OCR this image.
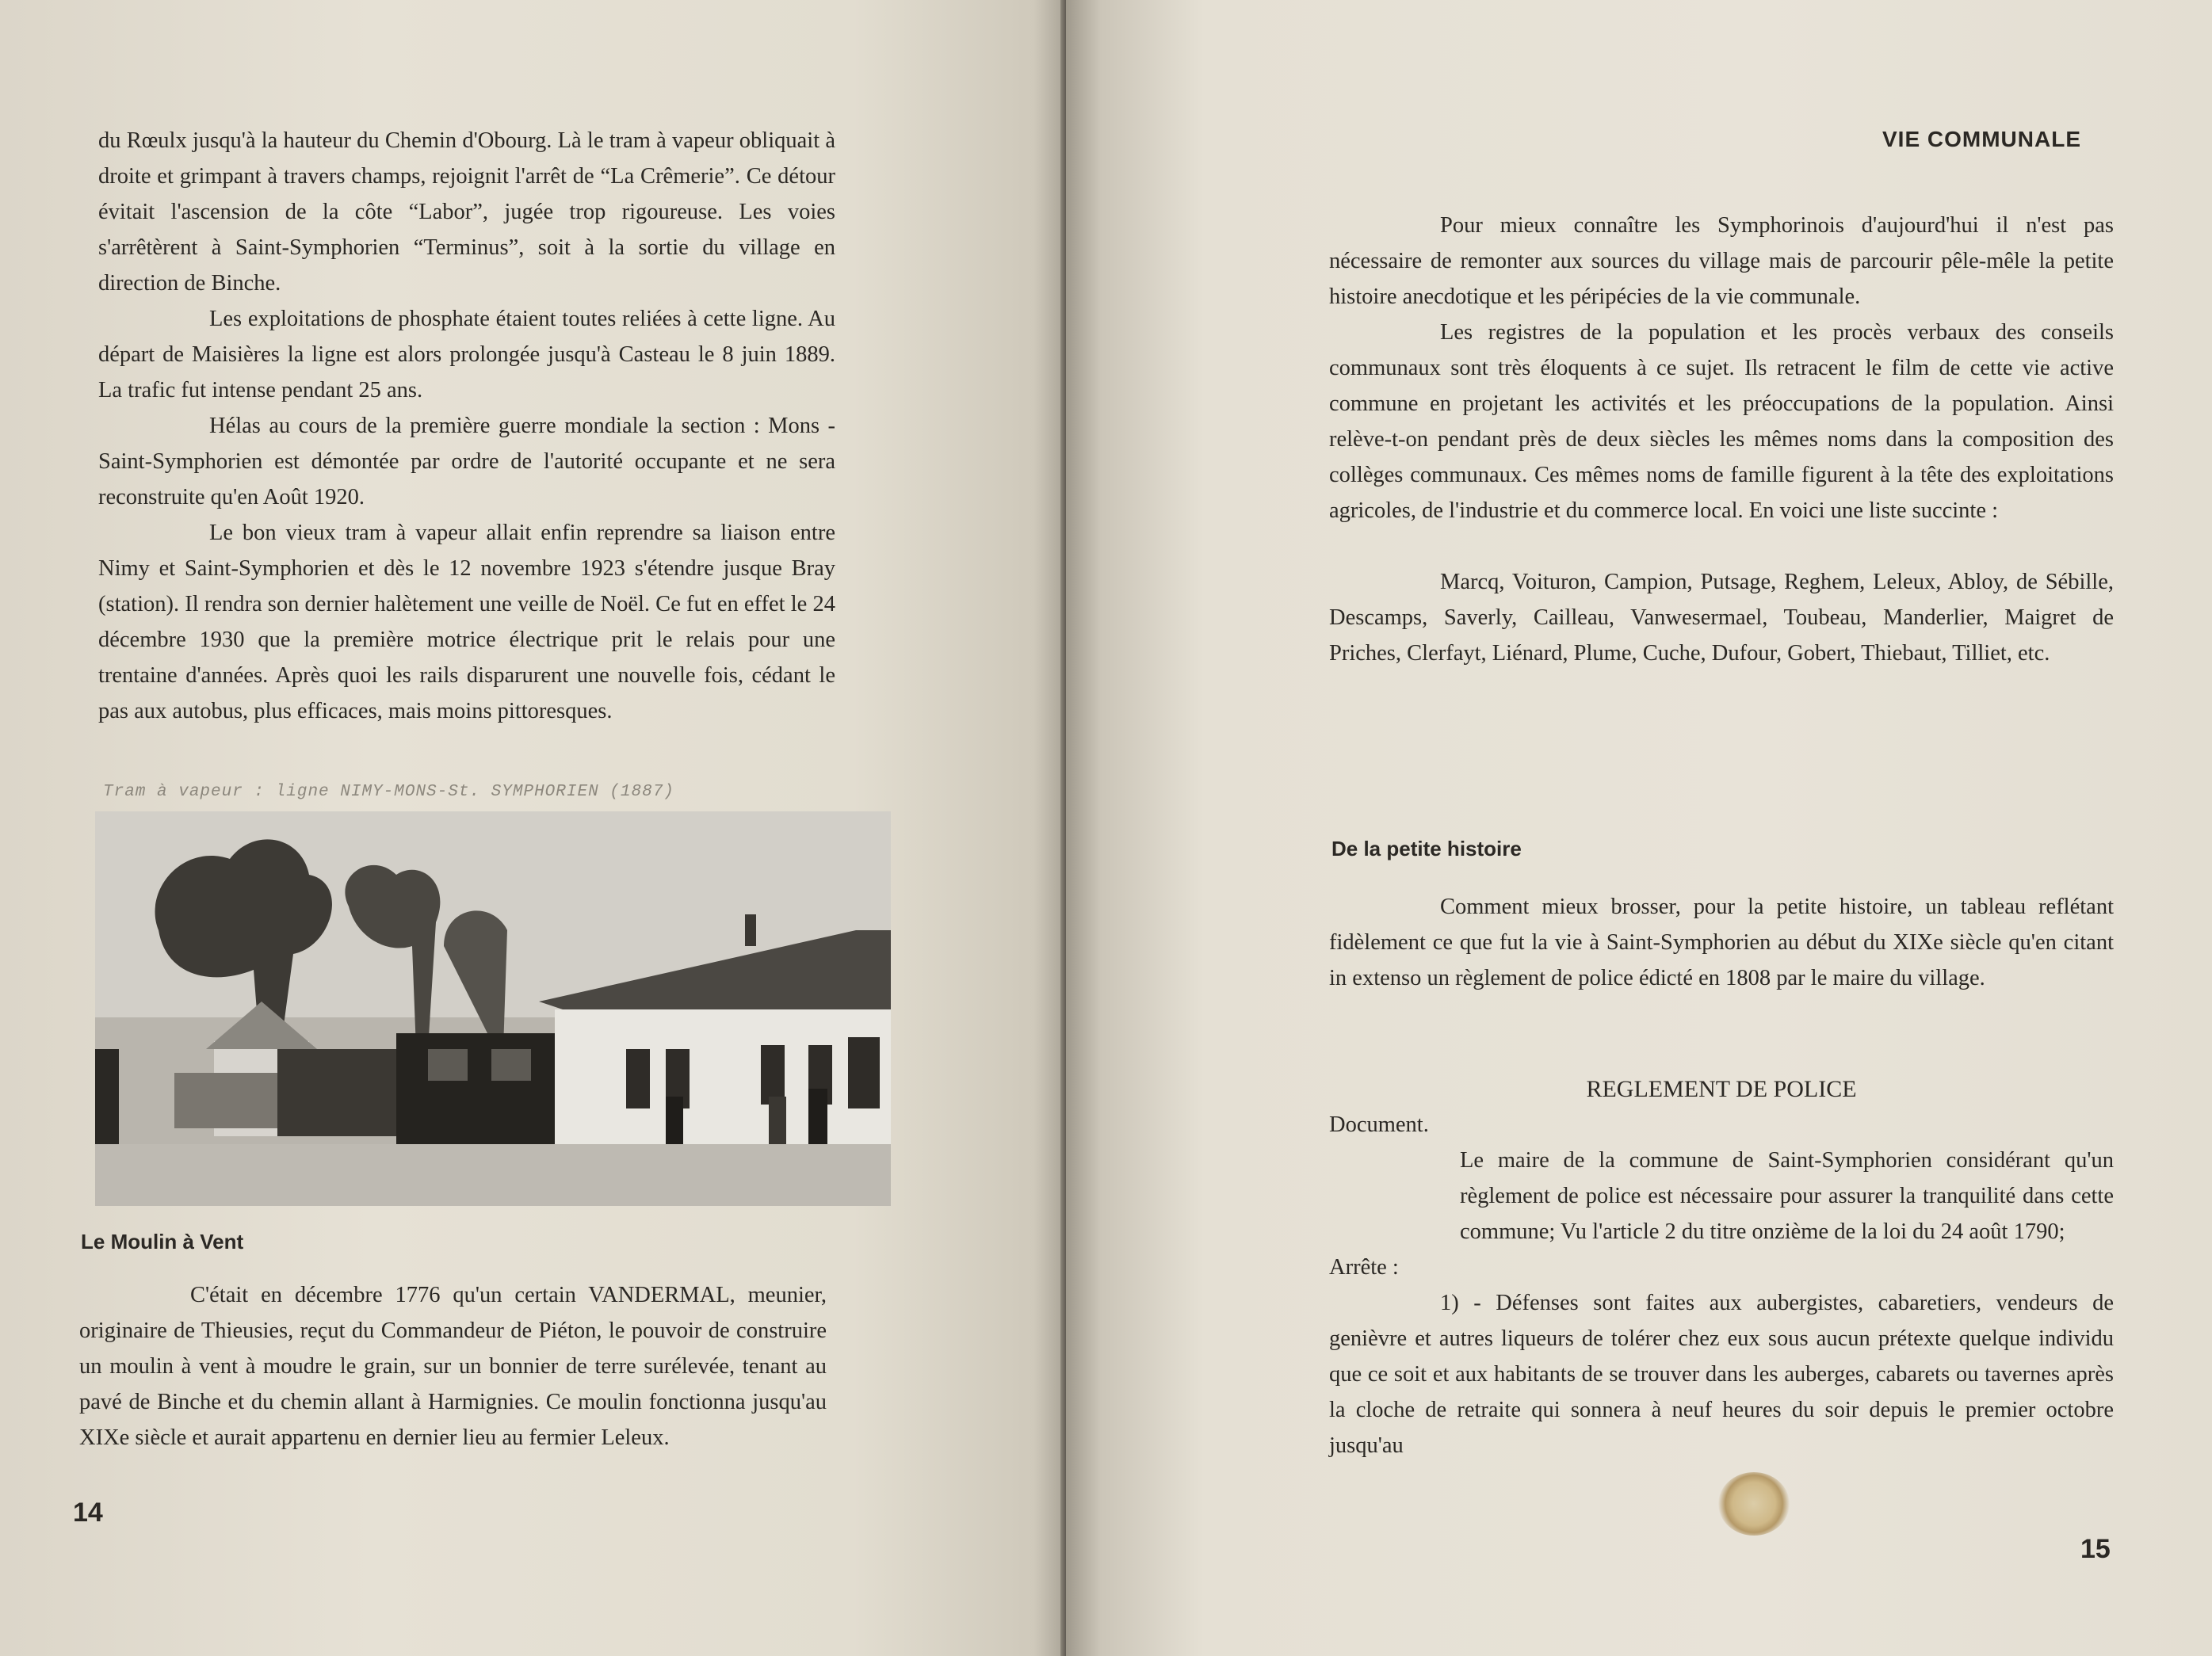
du Rœulx jusqu'à la hauteur du Chemin d'Obourg. Là le tram à vapeur obliquait à droite et grimpant à travers champs, rejoignit l'arrêt de “La Crêmerie”. Ce détour évitait l'ascension de la côte “Labor”, jugée trop rigoureuse. Les voies s'arrêtèrent à Saint-Symphorien “Terminus”, soit à la sortie du village en direction de Binche.

Les exploitations de phosphate étaient toutes reliées à cette ligne. Au départ de Maisières la ligne est alors prolongée jusqu'à Casteau le 8 juin 1889. La trafic fut intense pendant 25 ans.

Hélas au cours de la première guerre mondiale la section : Mons - Saint-Symphorien est démontée par ordre de l'autorité occupante et ne sera reconstruite qu'en Août 1920.

Le bon vieux tram à vapeur allait enfin reprendre sa liaison entre Nimy et Saint-Symphorien et dès le 12 novembre 1923 s'étendre jusque Bray (station). Il rendra son dernier halètement une veille de Noël. Ce fut en effet le 24 décembre 1930 que la première motrice électrique prit le relais pour une trentaine d'années. Après quoi les rails disparurent une nouvelle fois, cédant le pas aux autobus, plus efficaces, mais moins pittoresques.

Tram à vapeur : ligne NIMY-MONS-St. SYMPHORIEN (1887)
Le Moulin à Vent

C'était en décembre 1776 qu'un certain VANDERMAL, meunier, originaire de Thieusies, reçut du Commandeur de Piéton, le pouvoir de construire un moulin à vent à moudre le grain, sur un bonnier de terre surélevée, tenant au pavé de Binche et du chemin allant à Harmignies. Ce moulin fonctionna jusqu'au XIXe siècle et aurait appartenu en dernier lieu au fermier Leleux.

14
VIE COMMUNALE

Pour mieux connaître les Symphorinois d'aujourd'hui il n'est pas nécessaire de remonter aux sources du village mais de parcourir pêle-mêle la petite histoire anecdotique et les péripécies de la vie communale.

Les registres de la population et les procès verbaux des conseils communaux sont très éloquents à ce sujet. Ils retracent le film de cette vie active commune en projetant les activités et les préoccupations de la population. Ainsi relève-t-on pendant près de deux siècles les mêmes noms dans la composition des collèges communaux. Ces mêmes noms de famille figurent à la tête des exploitations agricoles, de l'industrie et du commerce local. En voici une liste succinte :

Marcq, Voituron, Campion, Putsage, Reghem, Leleux, Abloy, de Sébille, Descamps, Saverly, Cailleau, Vanwesermael, Toubeau, Manderlier, Maigret de Priches, Clerfayt, Liénard, Plume, Cuche, Dufour, Gobert, Thiebaut, Tilliet, etc.

De la petite histoire

Comment mieux brosser, pour la petite histoire, un tableau reflétant fidèlement ce que fut la vie à Saint-Symphorien au début du XIXe siècle qu'en citant in extenso un règlement de police édicté en 1808 par le maire du village.

REGLEMENT DE POLICE

Document.

Le maire de la commune de Saint-Symphorien considérant qu'un règlement de police est nécessaire pour assurer la tranquilité dans cette commune; Vu l'article 2 du titre onzième de la loi du 24 août 1790;

Arrête :

1) - Défenses sont faites aux aubergistes, cabaretiers, vendeurs de genièvre et autres liqueurs de tolérer chez eux sous aucun prétexte quelque individu que ce soit et aux habitants de se trouver dans les auberges, cabarets ou tavernes après la cloche de retraite qui sonnera à neuf heures du soir depuis le premier octobre jusqu'au

15
